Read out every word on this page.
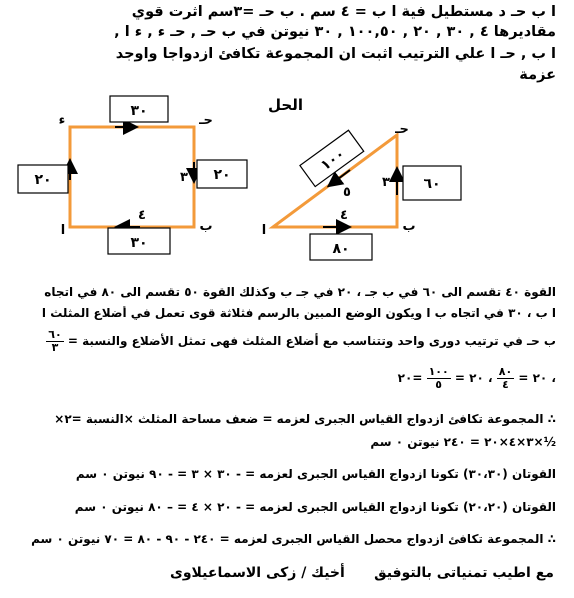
ا ب حـ د مستطيل فية ا ب = ٤ سم . ب حـ =٣سم اثرت قوي
مقاديرها ٤ , ٣٠ , ٢٠ , ١٠٠,٥٠ , ٣٠ نيوتن في ب حـ , حـ ء , ء ا ,
ا ب , حـ ا علي الترتيب اثبت ان المجموعة تكافئ ازدواجا واوجد
عزمة
الحل
٣٠
٢٠	٢٠
٣٠
ء	حـ
ا	ب
٣
٤
١٠٠
٦٠
٨٠
حـ
ا	ب
٣
٤
٥
القوة ٤٠ تقسم الى ٦٠ في ب جـ ، ٢٠ في جـ ب وكذلك القوة ٥٠ تقسم الى ٨٠ في اتجاه
ا ب ، ٣٠ في اتجاه ب ا ويكون الوضع المبين بالرسم فثلاثة قوى تعمل في أضلاع المثلث ا
ب حـ في ترتيب دورى واحد وتتناسب مع أضلاع المثلث فهى تمثل الأضلاع والنسبة =
$\frac{٦٠}{٣}$
، ٢٠ =
$\frac{٨٠}{٤}$
، ٢٠ =
$\frac{١٠٠}{٥}$
=٢٠
∴ المجموعة تكافئ ازدواج القياس الجبرى لعزمه = ضعف مساحة المثلث ×النسبة =٢×
½×٣×٤×٢٠ = ٢٤٠ نيوتن ٠ سم
القوتان (٣٠،٣٠) تكونا ازدواج القياس الجبرى لعزمه = - ٣٠ × ٣ = - ٩٠ نيوتن ٠ سم
القوتان (٢٠،٢٠) تكونا ازدواج القياس الجبرى لعزمه = - ٢٠ × ٤ = – ٨٠ نيوتن ٠ سم
∴ المجموعة تكافئ ازدواج محصل القياس الجبرى لعزمه = ٢٤٠ - ٩٠ - ٨٠ = ٧٠ نيوتن ٠ سم
مع اطيب تمنياتى بالتوفيق      أخيك / زكى الاسماعيلاوى
